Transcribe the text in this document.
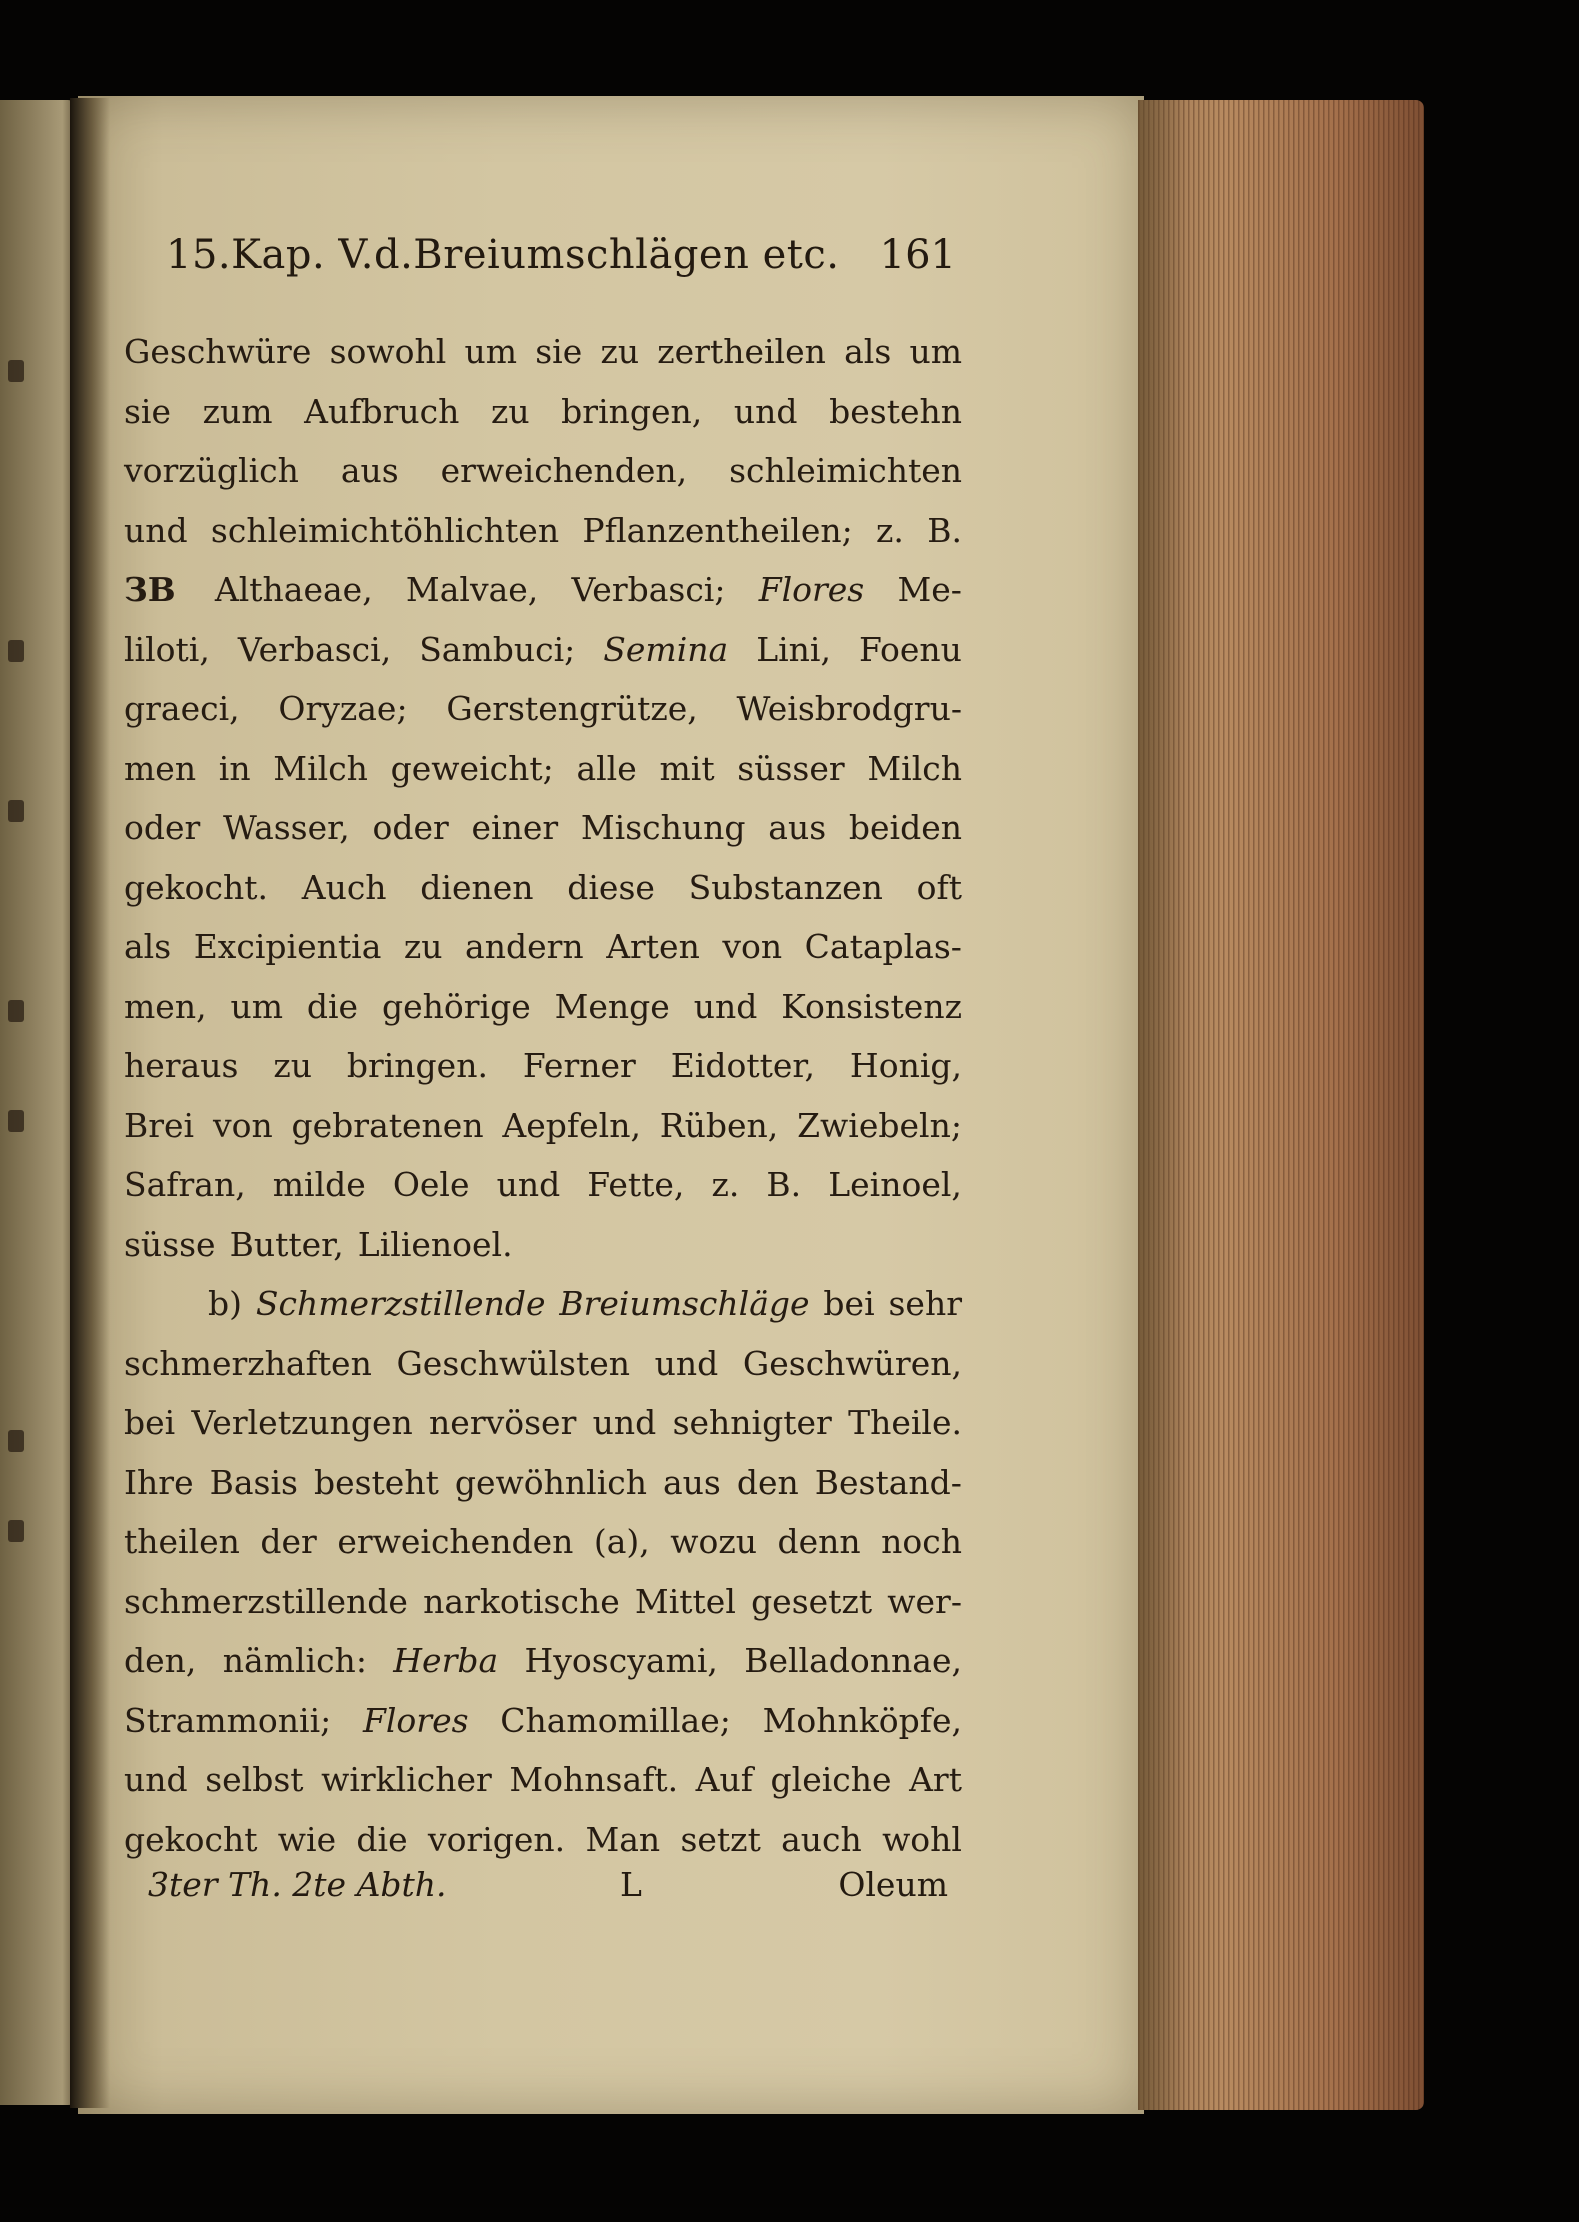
15.Kap. V.d.Breiumschlägen etc. 161
Geschwüre sowohl um sie zu zertheilen als um
sie zum Aufbruch zu bringen, und bestehn
vorzüglich aus erweichenden, schleimichten
und schleimichtöhlichten Pflanzentheilen; z. B.
ЗB Althaeae, Malvae, Verbasci; Flores Me-
liloti, Verbasci, Sambuci; Semina Lini, Foenu
graeci, Oryzae; Gerstengrütze, Weisbrodgru-
men in Milch geweicht; alle mit süsser Milch
oder Wasser, oder einer Mischung aus beiden
gekocht. Auch dienen diese Substanzen oft
als Excipientia zu andern Arten von Cataplas-
men, um die gehörige Menge und Konsistenz
heraus zu bringen. Ferner Eidotter, Honig,
Brei von gebratenen Aepfeln, Rüben, Zwiebeln;
Safran, milde Oele und Fette, z. B. Leinoel,
süsse Butter, Lilienoel.
b) Schmerzstillende Breiumschläge bei sehr
schmerzhaften Geschwülsten und Geschwüren,
bei Verletzungen nervöser und sehnigter Theile.
Ihre Basis besteht gewöhnlich aus den Bestand-
theilen der erweichenden (a), wozu denn noch
schmerzstillende narkotische Mittel gesetzt wer-
den, nämlich: Herba Hyoscyami, Belladonnae,
Strammonii; Flores Chamomillae; Mohnköpfe,
und selbst wirklicher Mohnsaft. Auf gleiche Art
gekocht wie die vorigen. Man setzt auch wohl
3ter Th. 2te Abth.	L	Oleum
